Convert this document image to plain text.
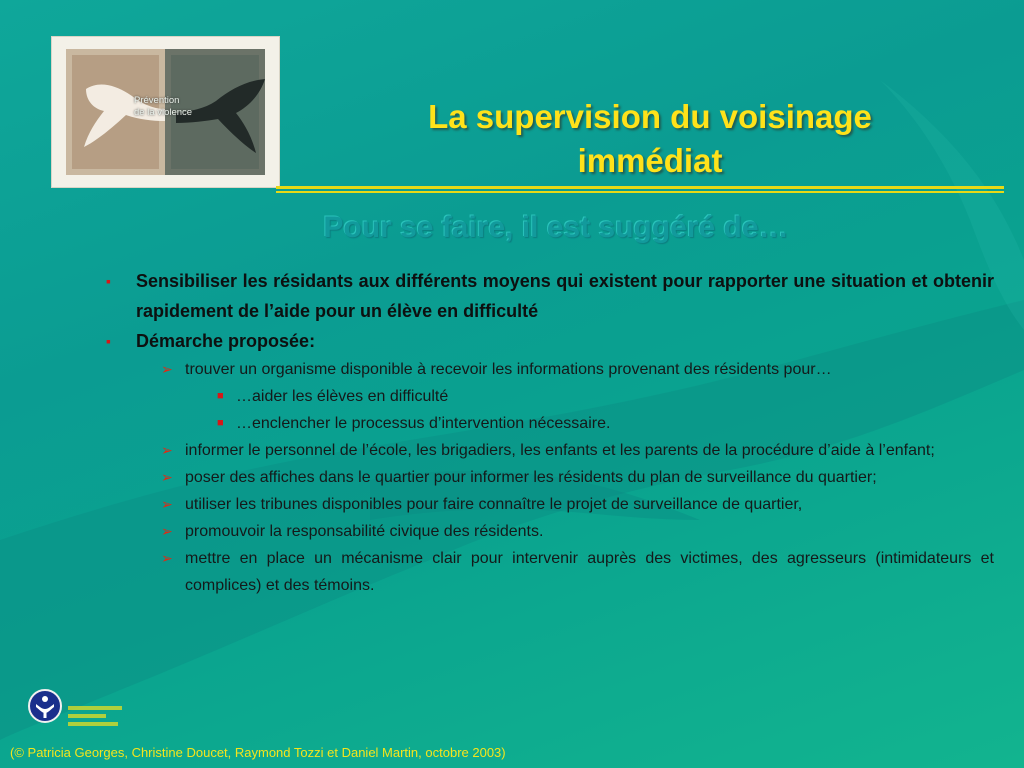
Prévention
de la violence	La supervision du voisinage
immédiat
Pour se faire, il est suggéré de…
▪ Sensibiliser les résidants aux différents moyens qui existent pour rapporter une situation et obtenir rapidement de l’aide pour un élève en difficulté
▪ Démarche proposée:
➢ trouver un organisme disponible à recevoir les informations provenant des résidents pour…
■ …aider les élèves en difficulté
■ …enclencher le processus d’intervention nécessaire.
➢ informer le personnel de l’école, les brigadiers, les enfants et les parents de la procédure d’aide à l’enfant;
➢ poser des affiches dans le quartier pour informer les résidents du plan de surveillance du quartier;
➢ utiliser les tribunes disponibles pour faire connaître le projet de surveillance de quartier,
➢ promouvoir la responsabilité civique des résidents.
➢ mettre en place un mécanisme clair pour intervenir auprès des victimes, des agresseurs (intimidateurs et complices) et des témoins.
(© Patricia Georges, Christine Doucet, Raymond Tozzi et Daniel Martin, octobre 2003)
